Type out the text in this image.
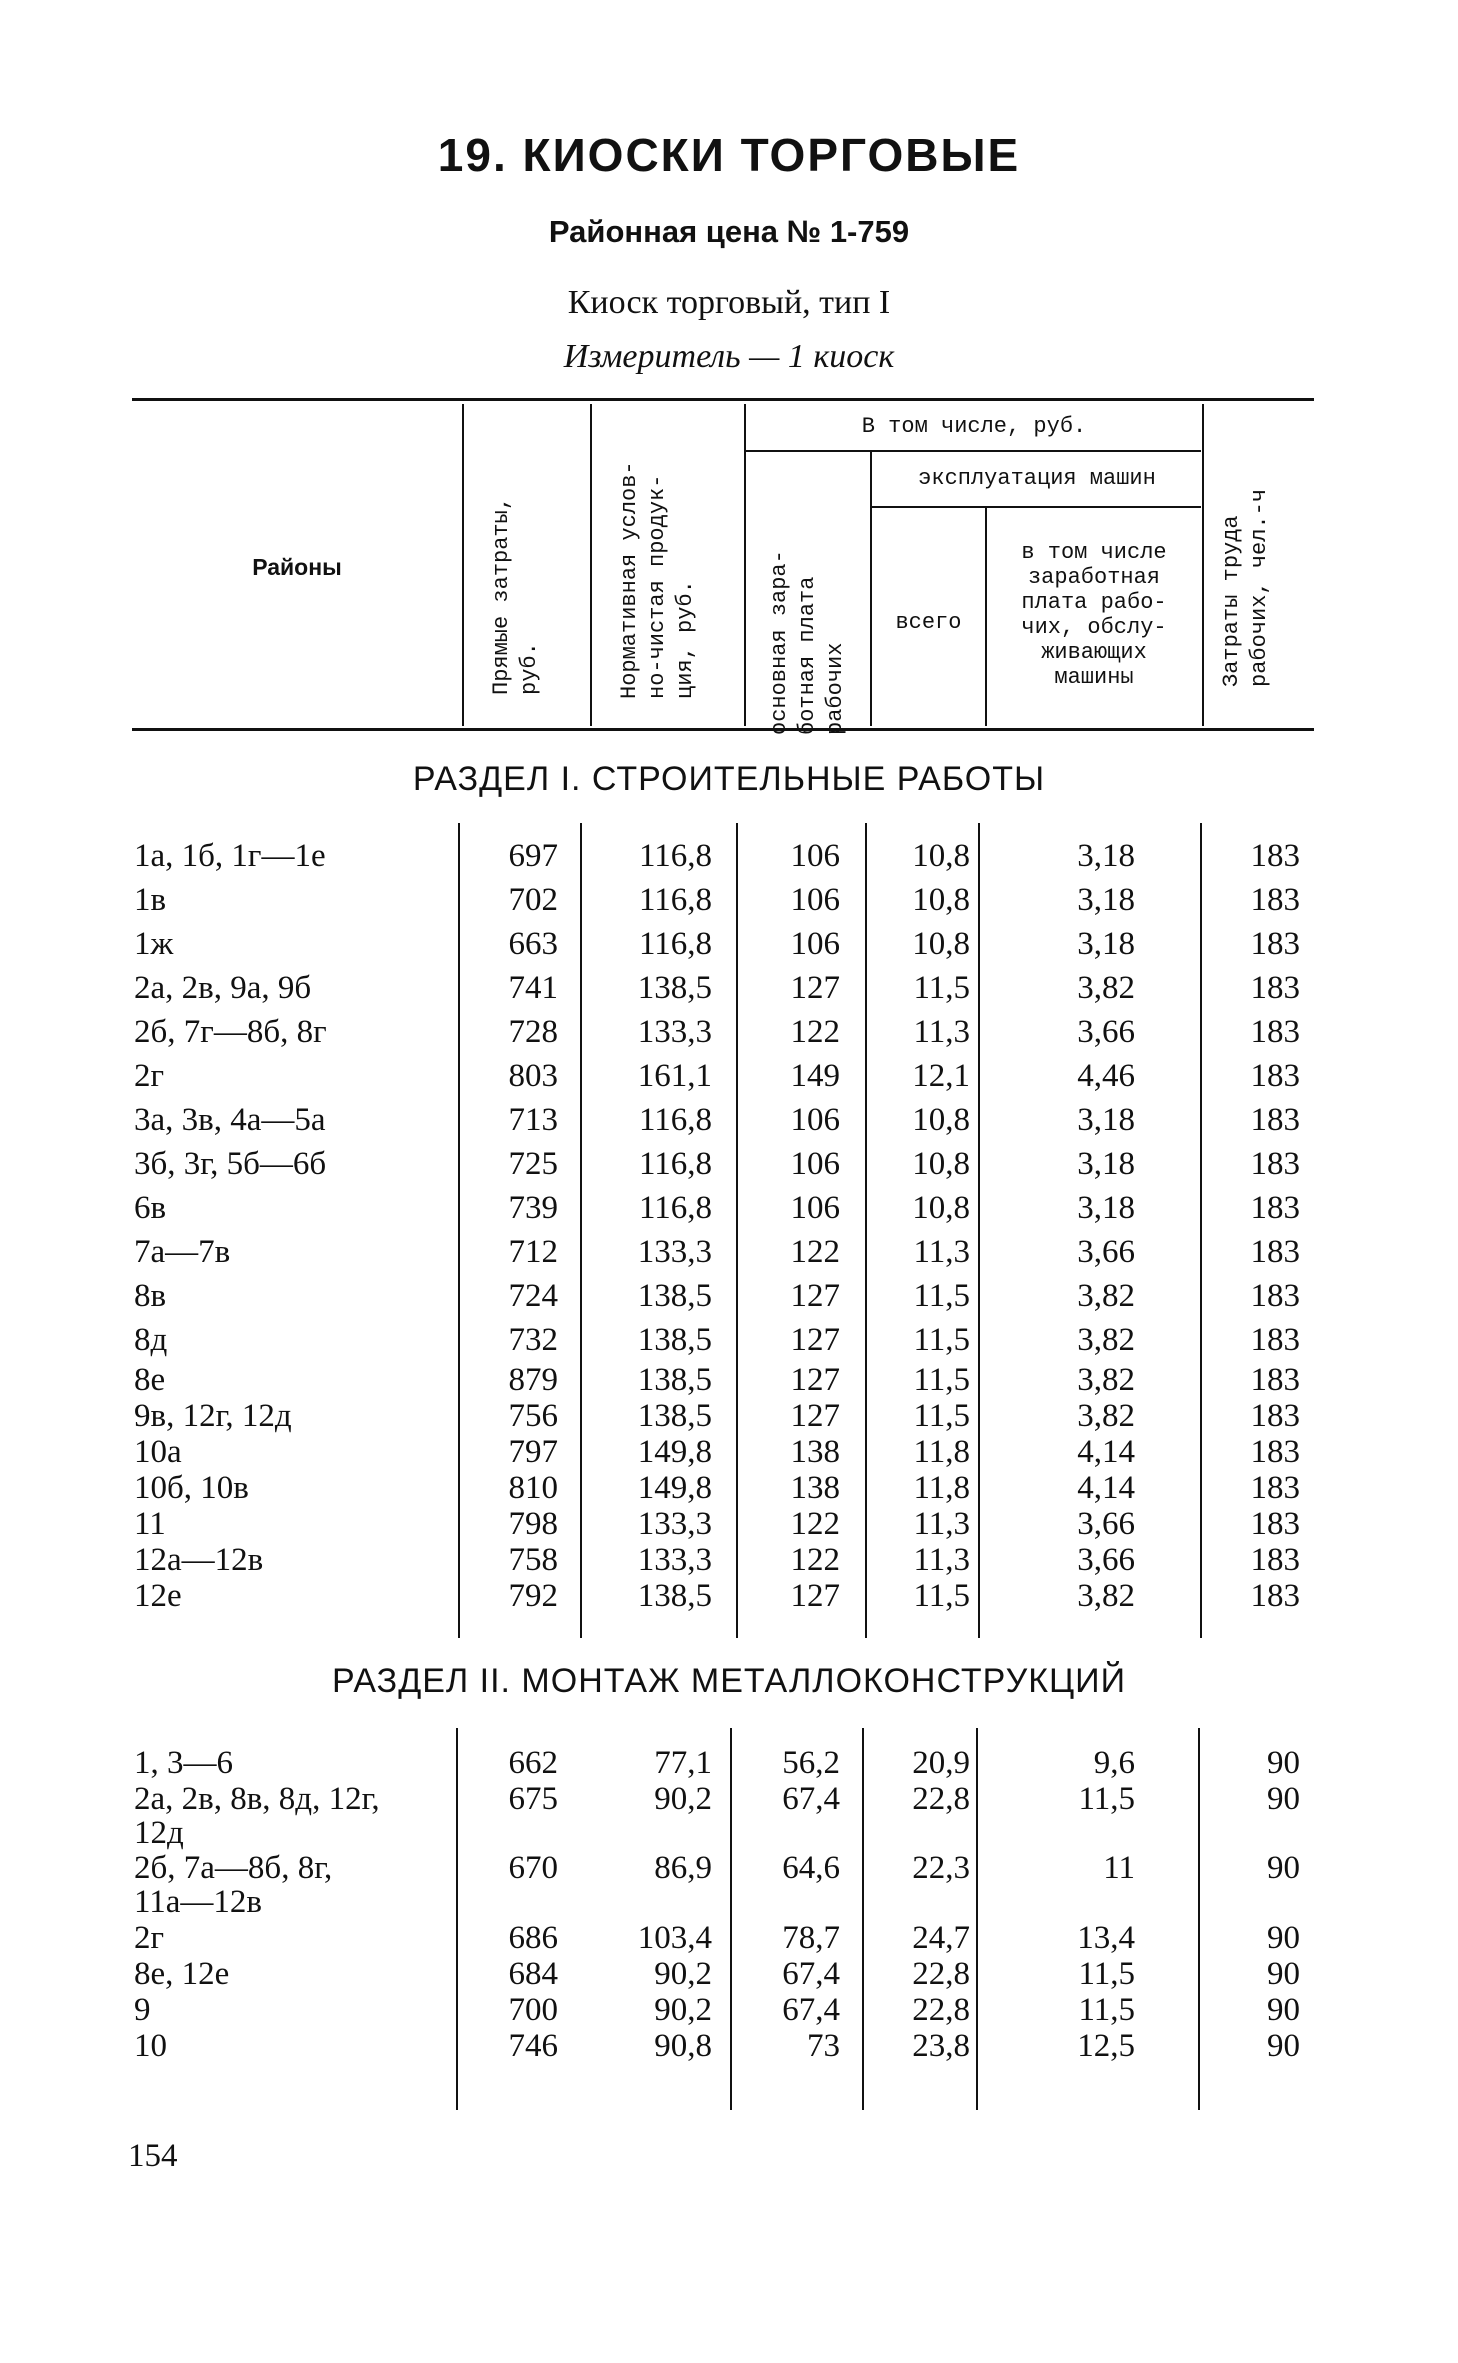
19. КИОСКИ ТОРГОВЫЕ
Районная цена № 1-759
Киоск торговый, тип I
Измеритель — 1 киоск
Районы
Прямые затраты,
руб.	Нормативная услов-
но-чистая продук-
ция, руб.
В том числе, руб.
основная зара-
ботная плата
рабочих
эксплуатация машин
всего
в том числе
заработная
плата рабо-
чих, обслу-
живающих
машины	Затраты труда
рабочих, чел.-ч
РАЗДЕЛ I. СТРОИТЕЛЬНЫЕ РАБОТЫ
1а, 1б, 1г—1е	697	116,8	106	10,8	3,18	183
1в	702	116,8	106	10,8	3,18	183
1ж	663	116,8	106	10,8	3,18	183
2а, 2в, 9а, 9б	741	138,5	127	11,5	3,82	183
2б, 7г—8б, 8г	728	133,3	122	11,3	3,66	183
2г	803	161,1	149	12,1	4,46	183
3а, 3в, 4а—5а	713	116,8	106	10,8	3,18	183
3б, 3г, 5б—6б	725	116,8	106	10,8	3,18	183
6в	739	116,8	106	10,8	3,18	183
7а—7в	712	133,3	122	11,3	3,66	183
8в	724	138,5	127	11,5	3,82	183
8д	732	138,5	127	11,5	3,82	183
8е	879	138,5	127	11,5	3,82	183
9в, 12г, 12д	756	138,5	127	11,5	3,82	183
10а	797	149,8	138	11,8	4,14	183
10б, 10в	810	149,8	138	11,8	4,14	183
11	798	133,3	122	11,3	3,66	183
12а—12в	758	133,3	122	11,3	3,66	183
12е	792	138,5	127	11,5	3,82	183
РАЗДЕЛ II. МОНТАЖ МЕТАЛЛОКОНСТРУКЦИЙ
1, 3—6	662	77,1	56,2	20,9	9,6	90
2а, 2в, 8в, 8д, 12г,	675	90,2	67,4	22,8	11,5	90
12д
2б, 7а—8б, 8г,	670	86,9	64,6	22,3	11	90
11а—12в
2г	686	103,4	78,7	24,7	13,4	90
8е, 12е	684	90,2	67,4	22,8	11,5	90
9	700	90,2	67,4	22,8	11,5	90
10	746	90,8	73	23,8	12,5	90
154
